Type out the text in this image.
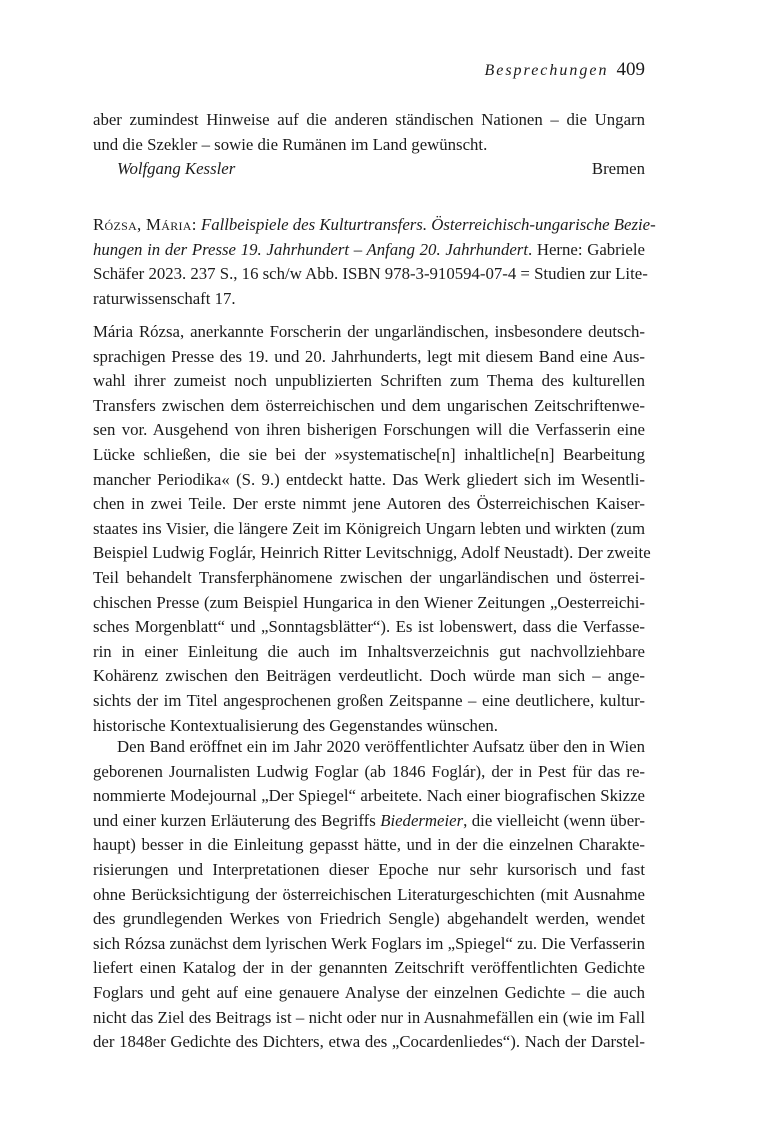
Besprechungen 409
aber zumindest Hinweise auf die anderen ständischen Nationen – die Ungarn
und die Szekler – sowie die Rumänen im Land gewünscht.
Wolfgang Kessler	Bremen
Rózsa, Mária: Fallbeispiele des Kulturtransfers. Österreichisch-ungarische Bezie-
hungen in der Presse 19. Jahrhundert – Anfang 20. Jahrhundert. Herne: Gabriele
Schäfer 2023. 237 S., 16 sch/w Abb. ISBN 978-3-910594-07-4 = Studien zur Lite-
raturwissenschaft 17.
Mária Rózsa, anerkannte Forscherin der ungarländischen, insbesondere deutsch-
sprachigen Presse des 19. und 20. Jahrhunderts, legt mit diesem Band eine Aus-
wahl ihrer zumeist noch unpublizierten Schriften zum Thema des kulturellen
Transfers zwischen dem österreichischen und dem ungarischen Zeitschriftenwe-
sen vor. Ausgehend von ihren bisherigen Forschungen will die Verfasserin eine
Lücke schließen, die sie bei der »systematische[n] inhaltliche[n] Bearbeitung
mancher Periodika« (S. 9.) entdeckt hatte. Das Werk gliedert sich im Wesentli-
chen in zwei Teile. Der erste nimmt jene Autoren des Österreichischen Kaiser-
staates ins Visier, die längere Zeit im Königreich Ungarn lebten und wirkten (zum
Beispiel Ludwig Foglár, Heinrich Ritter Levitschnigg, Adolf Neustadt). Der zweite
Teil behandelt Transferphänomene zwischen der ungarländischen und österrei-
chischen Presse (zum Beispiel Hungarica in den Wiener Zeitungen „Oesterreichi-
sches Morgenblatt“ und „Sonntagsblätter“). Es ist lobenswert, dass die Verfasse-
rin in einer Einleitung die auch im Inhaltsverzeichnis gut nachvollziehbare
Kohärenz zwischen den Beiträgen verdeutlicht. Doch würde man sich – ange-
sichts der im Titel angesprochenen großen Zeitspanne – eine deutlichere, kultur-
historische Kontextualisierung des Gegenstandes wünschen.
Den Band eröffnet ein im Jahr 2020 veröffentlichter Aufsatz über den in Wien
geborenen Journalisten Ludwig Foglar (ab 1846 Foglár), der in Pest für das re-
nommierte Modejournal „Der Spiegel“ arbeitete. Nach einer biografischen Skizze
und einer kurzen Erläuterung des Begriffs Biedermeier, die vielleicht (wenn über-
haupt) besser in die Einleitung gepasst hätte, und in der die einzelnen Charakte-
risierungen und Interpretationen dieser Epoche nur sehr kursorisch und fast
ohne Berücksichtigung der österreichischen Literaturgeschichten (mit Ausnahme
des grundlegenden Werkes von Friedrich Sengle) abgehandelt werden, wendet
sich Rózsa zunächst dem lyrischen Werk Foglars im „Spiegel“ zu. Die Verfasserin
liefert einen Katalog der in der genannten Zeitschrift veröffentlichten Gedichte
Foglars und geht auf eine genauere Analyse der einzelnen Gedichte – die auch
nicht das Ziel des Beitrags ist – nicht oder nur in Ausnahmefällen ein (wie im Fall
der 1848er Gedichte des Dichters, etwa des „Cocardenliedes“). Nach der Darstel-
